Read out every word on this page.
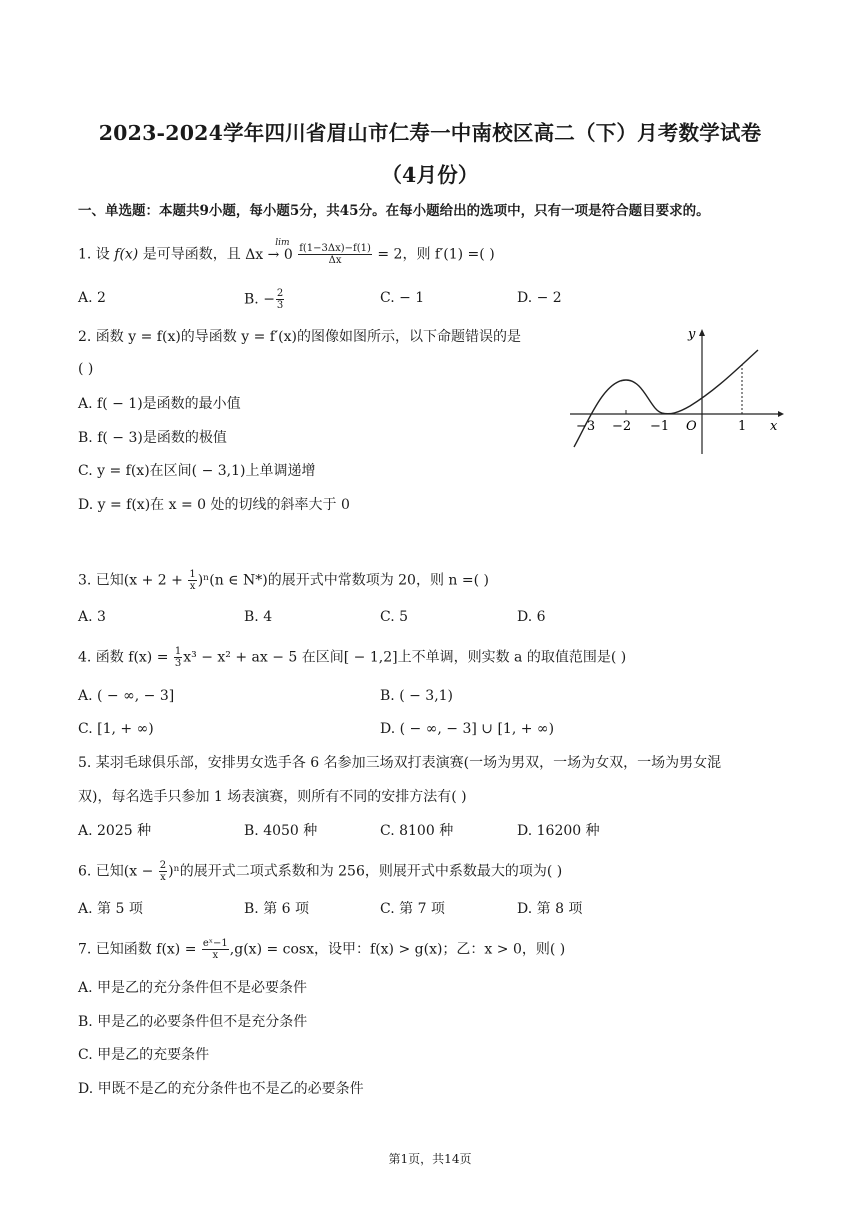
2023-2024学年四川省眉山市仁寿一中南校区高二（下）月考数学试卷
（4月份）
一、单选题：本题共9小题，每小题5分，共45分。在每小题给出的选项中，只有一项是符合题目要求的。
1. 设 f(x) 是可导函数，且
lim
$\Delta x \to 0 \frac{f(1-3\Delta x)-f(1)}{\Delta x} = 2$，则 f′(1) =( )
A. 2	B. − $\frac{2}{3}$	C. − 1	D. − 2
2. 函数 y = f(x)的导函数 y = f′(x)的图像如图所示，以下命题错误的是
( )
A. f( − 1)是函数的最小值
B. f( − 3)是函数的极值
C. y = f(x)在区间( − 3,1)上单调递增
D. y = f(x)在 x = 0 处的切线的斜率大于 0
y
x
O
−3 −2 −1	1
3. 已知$(x + 2 + \frac{1}{x} )^n(n$ ∈ N*)的展开式中常数项为 20，则 n =( )
A. 3	B. 4	C. 5	D. 6
4. 函数 $f(x) = \frac{1}{3} x^3 - x^2$ + ax − 5 在区间[ − 1,2]上不单调，则实数 a 的取值范围是( )
A. ( − ∞, − 3]	B. ( − 3,1)
C. [1, + ∞)	D. ( − ∞, − 3] ∪ [1, + ∞)
5. 某羽毛球俱乐部，安排男女选手各 6 名参加三场双打表演赛(一场为男双，一场为女双，一场为男女混
双)，每名选手只参加 1 场表演赛，则所有不同的安排方法有( )
A. 2025 种	B. 4050 种	C. 8100 种	D. 16200 种
6. 已知$(x - \frac{2}{x} )^n$的展开式二项式系数和为 256，则展开式中系数最大的项为( )
A. 第 5 项	B. 第 6 项	C. 第 7 项	D. 第 8 项
7. 已知函数 $f(x) = \frac{\text{eˣ−1}}{x} ,g(x) = \cos x$，设甲：f(x) > g(x)；乙：x > 0，则( )
A. 甲是乙的充分条件但不是必要条件
B. 甲是乙的必要条件但不是充分条件
C. 甲是乙的充要条件
D. 甲既不是乙的充分条件也不是乙的必要条件
第1页，共14页
